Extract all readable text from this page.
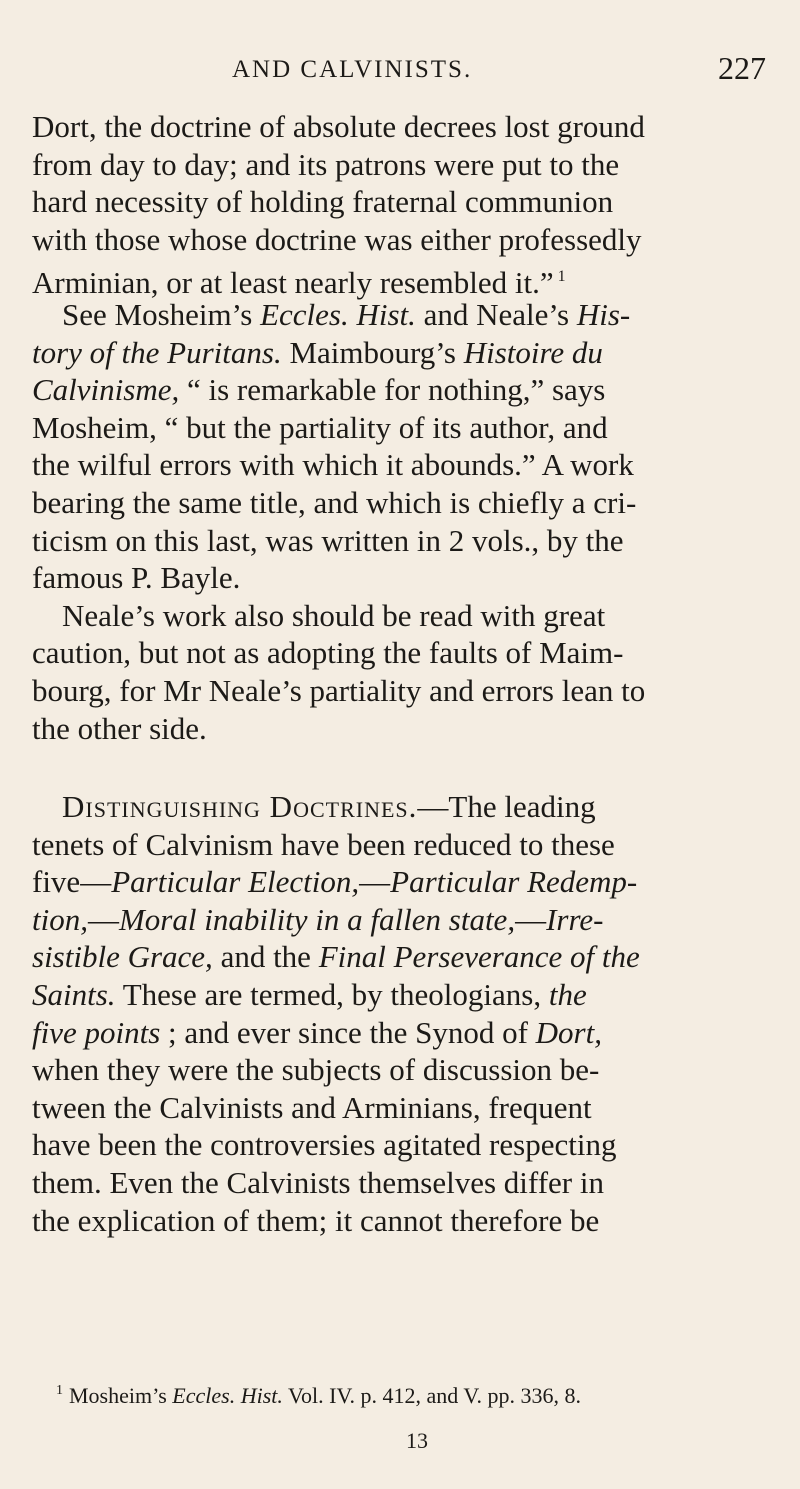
AND CALVINISTS.	227
Dort, the doctrine of absolute decrees lost ground
from day to day; and its patrons were put to the
hard necessity of holding fraternal communion
with those whose doctrine was either professedly
Arminian, or at least nearly resembled it.” $^1$
See Mosheim’s Eccles. Hist. and Neale’s His-
tory of the Puritans. Maimbourg’s Histoire du
Calvinisme, “ is remarkable for nothing,” says
Mosheim, “ but the partiality of its author, and
the wilful errors with which it abounds.” A work
bearing the same title, and which is chiefly a cri-
ticism on this last, was written in 2 vols., by the
famous P. Bayle.
Neale’s work also should be read with great
caution, but not as adopting the faults of Maim-
bourg, for Mr Neale’s partiality and errors lean to
the other side.
Distinguishing Doctrines.—The leading
tenets of Calvinism have been reduced to these
five—Particular Election,—Particular Redemp-
tion,—Moral inability in a fallen state,—Irre-
sistible Grace, and the Final Perseverance of the
Saints. These are termed, by theologians, the
five points ; and ever since the Synod of Dort,
when they were the subjects of discussion be-
tween the Calvinists and Arminians, frequent
have been the controversies agitated respecting
them. Even the Calvinists themselves differ in
the explication of them; it cannot therefore be
$^1$ Mosheim’s Eccles. Hist. Vol. IV. p. 412, and V. pp. 336, 8.
13
